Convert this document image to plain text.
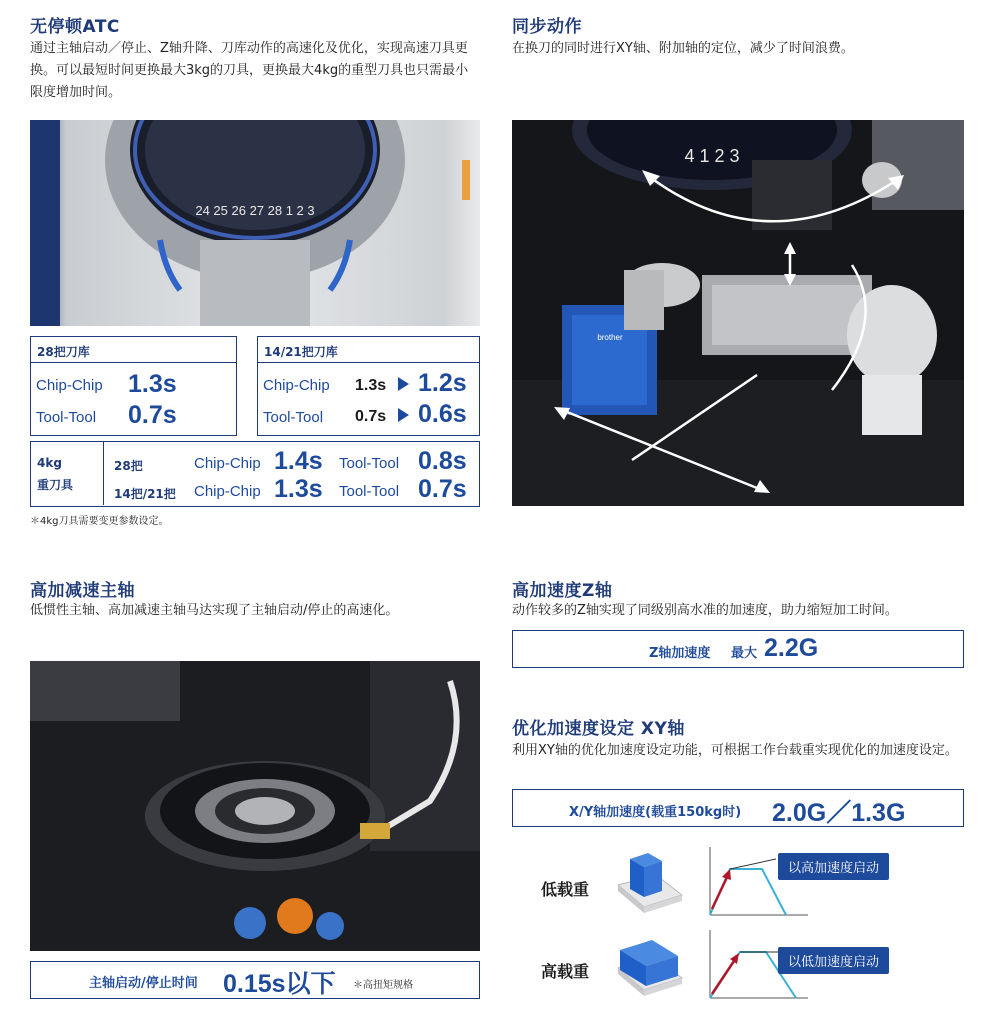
无停顿ATC
通过主轴启动／停止、Z轴升降、刀库动作的高速化及优化，实现高速刀具更换。可以最短时间更换最大3kg的刀具，更换最大4kg的重型刀具也只需最小限度增加时间。
24 25 26 27 28 1 2 3
28把刀库
Chip-Chip 1.3s
Tool-Tool 0.7s
14/21把刀库
Chip-Chip 1.3s 1.2s
Tool-Tool 0.7s 0.6s
4kg
重刀具
28把	Chip-Chip 1.4s Tool-Tool 0.8s
14把/21把 Chip-Chip 1.3s Tool-Tool 0.7s
＊4kg刀具需要变更参数设定。
同步动作
在换刀的同时进行XY轴、附加轴的定位，减少了时间浪费。
4 1 2 3
brother
高加减速主轴
低惯性主轴、高加减速主轴马达实现了主轴启动/停止的高速化。
主轴启动/停止时间 0.15s以下 ＊高扭矩规格
高加速度Z轴
动作较多的Z轴实现了同级别高水准的加速度，助力缩短加工时间。
Z轴加速度 最大 2.2G
优化加速度设定 XY轴
利用XY轴的优化加速度设定功能，可根据工作台载重实现优化的加速度设定。
X/Y轴加速度(载重150kg时) 2.0G／1.3G
低载重
以高加速度启动
高载重	以低加速度启动
